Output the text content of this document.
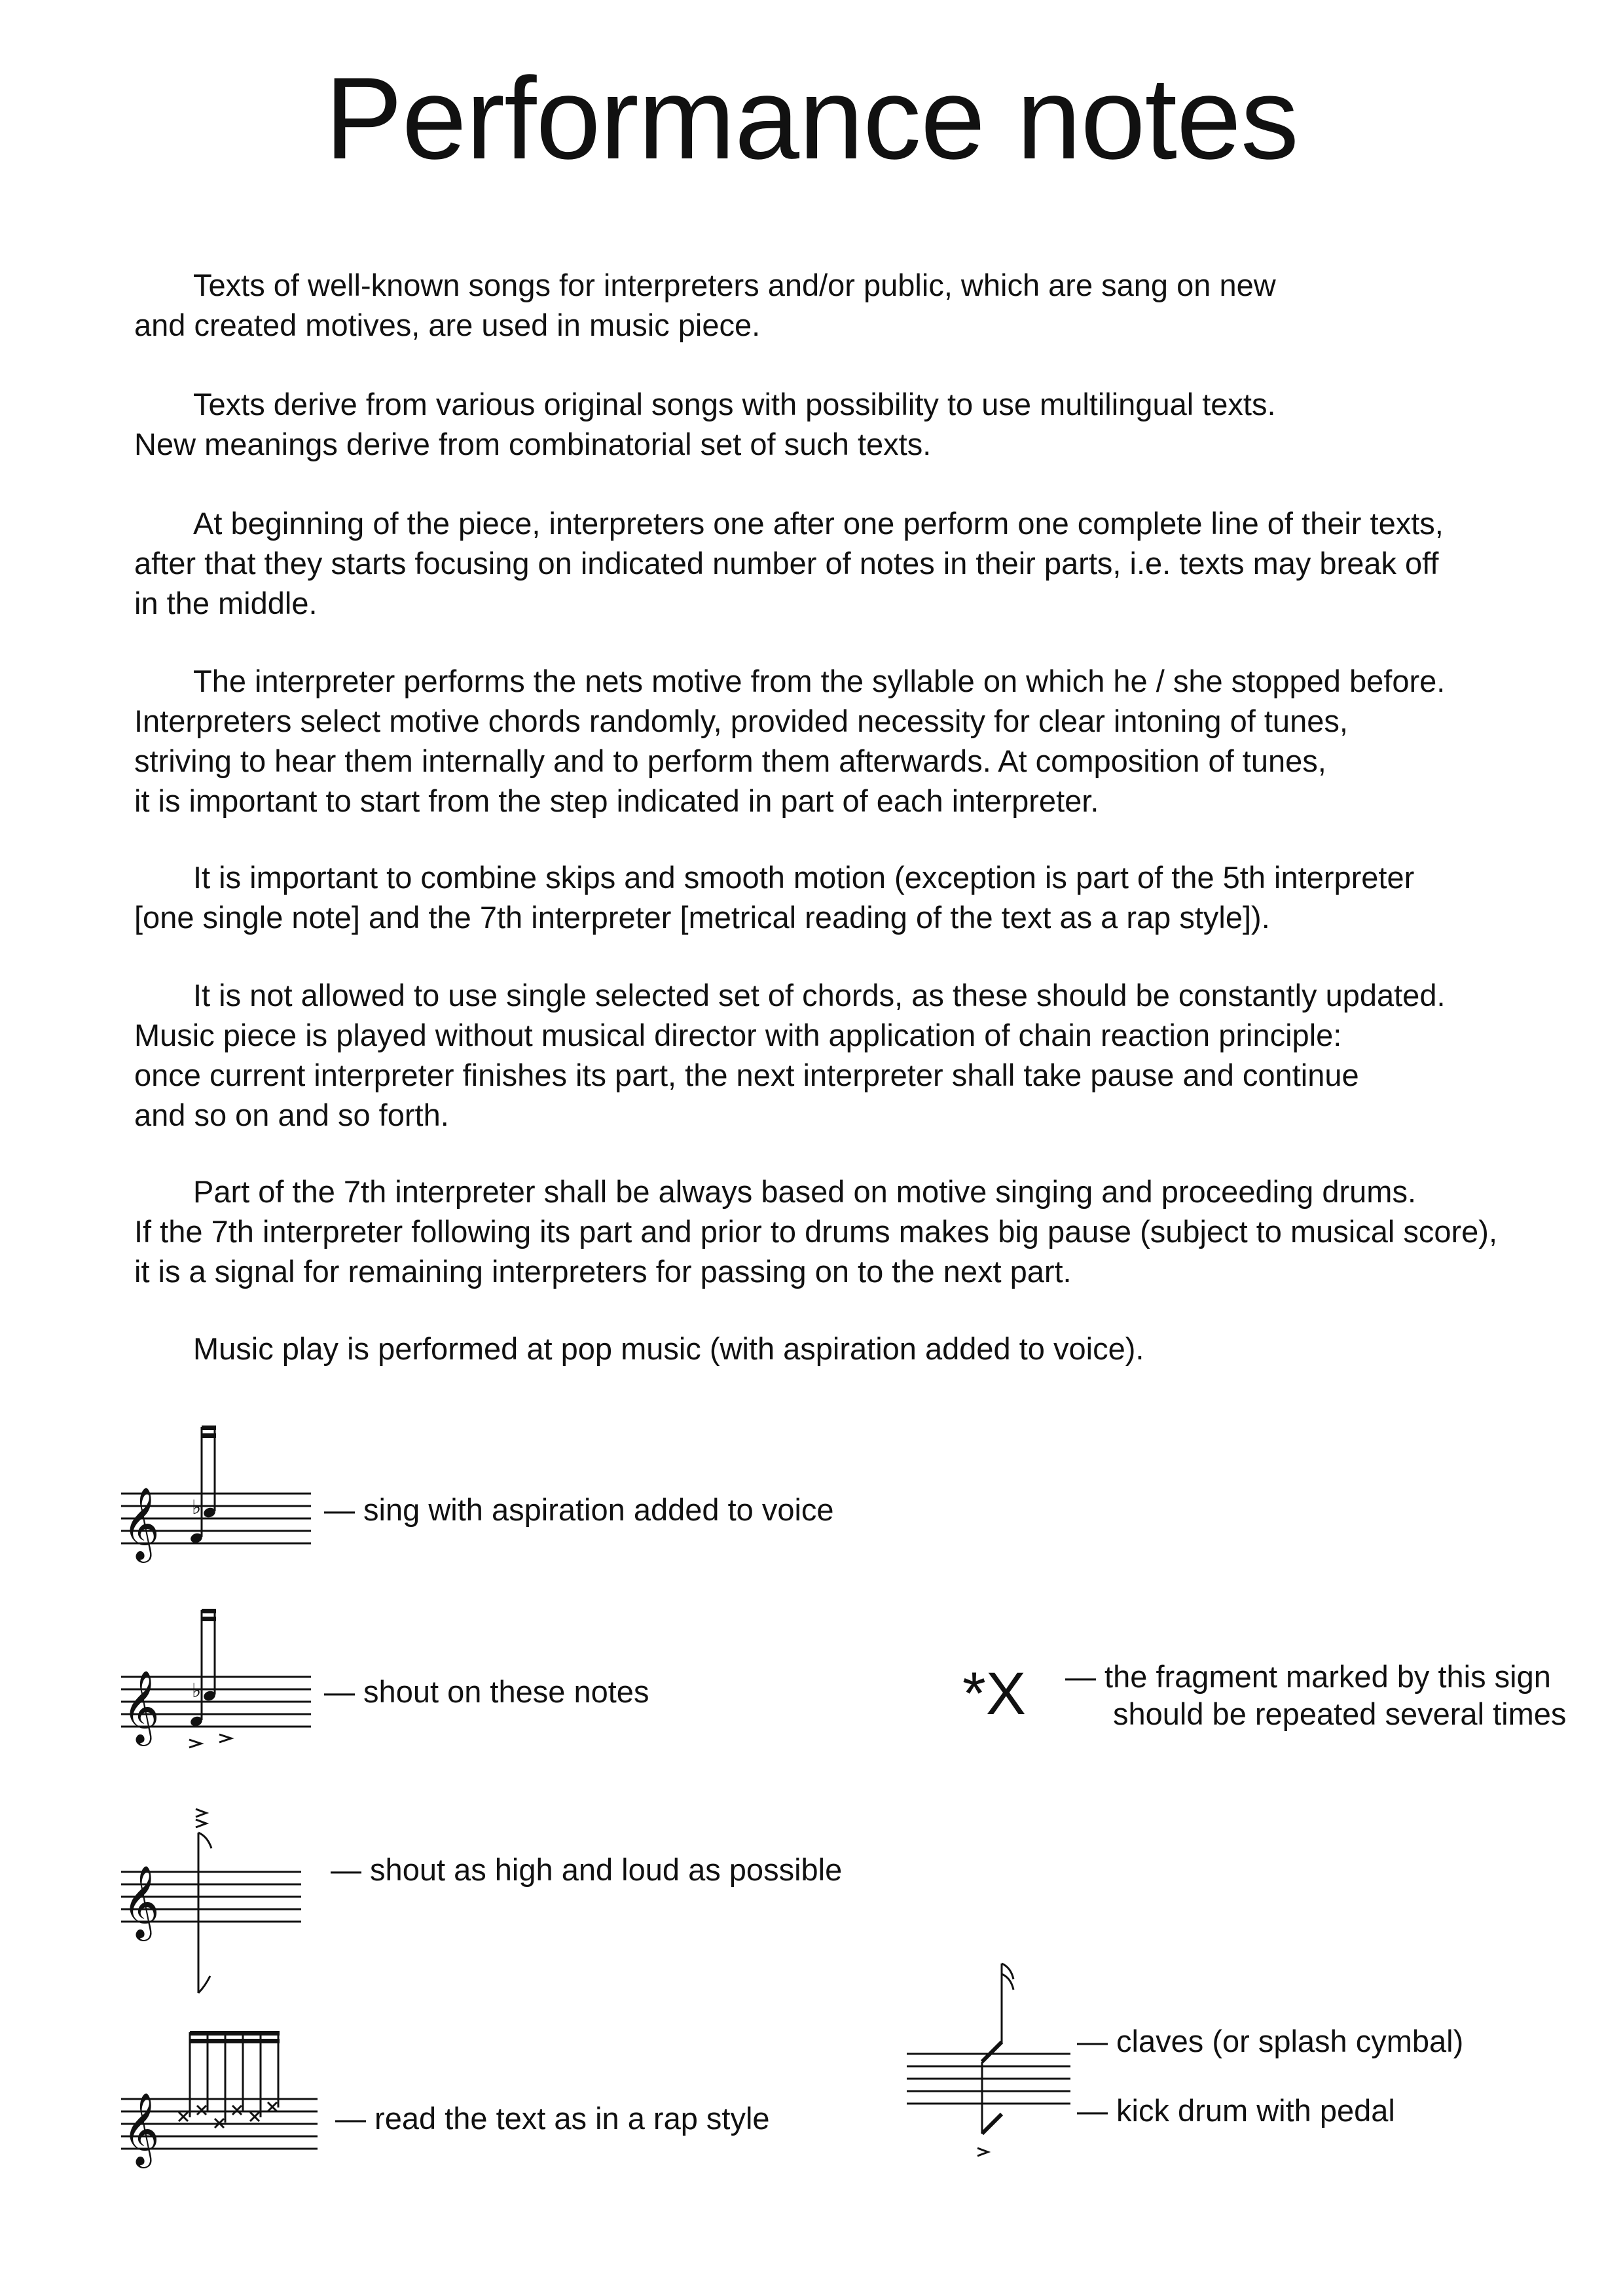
Performance notes
Texts of well-known songs for interpreters and/or public, which are sang on new
and created motives, are used in music piece.
Texts derive from various original songs with possibility to use multilingual texts.
New meanings derive from combinatorial set of such texts.
At beginning of the piece, interpreters one after one perform one complete line of their texts,
after that they starts focusing on indicated number of notes in their parts, i.e. texts may break off
in the middle.
The interpreter performs the nets motive from the syllable on which he / she stopped before.
Interpreters select motive chords randomly, provided necessity for clear intoning of tunes,
striving to hear them internally and to perform them afterwards. At composition of tunes,
it is important to start from the step indicated in part of each interpreter.
It is important to combine skips and smooth motion (exception is part of the 5th interpreter
[one single note] and the 7th interpreter [metrical reading of the text as a rap style]).
It is not allowed to use single selected set of chords, as these should be constantly updated.
Music piece is played without musical director with application of chain reaction principle:
once current interpreter finishes its part, the next interpreter shall take pause and continue
and so on and so forth.
Part of the 7th interpreter shall be always based on motive singing and proceeding drums.
If the 7th interpreter following its part and prior to drums makes big pause (subject to musical score),
it is a signal for remaining interpreters for passing on to the next part.
Music play is performed at pop music (with aspiration added to voice).
𝄞 ♭	— sing with aspiration added to voice
𝄞 ♭	— shout on these notes	*X — the fragment marked by this sign
should be repeated several times
𝄞	— shout as high and loud as possible
𝄞	— read the text as in a rap style
— claves (or splash cymbal)
— kick drum with pedal
